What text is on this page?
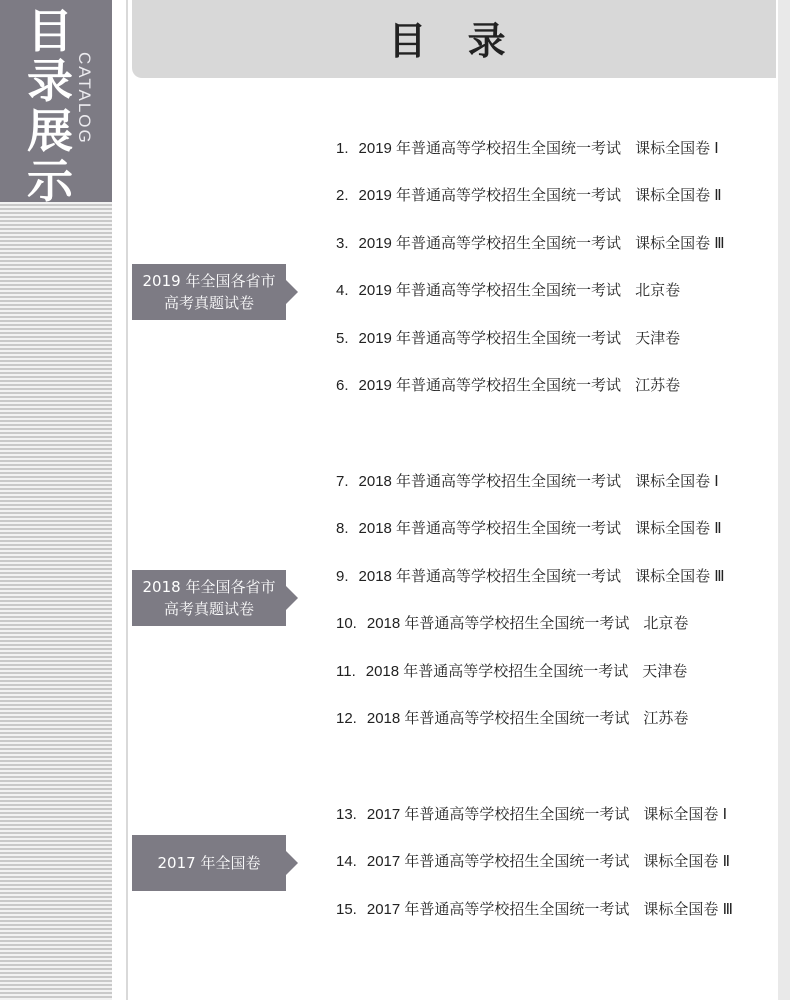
目
录
展
示
CATALOG
目 录
2019 年全国各省市高考真题试卷
2018 年全国各省市高考真题试卷
2017 年全国卷
1. 2019 年普通高等学校招生全国统一考试 课标全国卷 Ⅰ
2. 2019 年普通高等学校招生全国统一考试 课标全国卷 Ⅱ
3. 2019 年普通高等学校招生全国统一考试 课标全国卷 Ⅲ
4. 2019 年普通高等学校招生全国统一考试 北京卷
5. 2019 年普通高等学校招生全国统一考试 天津卷
6. 2019 年普通高等学校招生全国统一考试 江苏卷
7. 2018 年普通高等学校招生全国统一考试 课标全国卷 Ⅰ
8. 2018 年普通高等学校招生全国统一考试 课标全国卷 Ⅱ
9. 2018 年普通高等学校招生全国统一考试 课标全国卷 Ⅲ
10. 2018 年普通高等学校招生全国统一考试 北京卷
11. 2018 年普通高等学校招生全国统一考试 天津卷
12. 2018 年普通高等学校招生全国统一考试 江苏卷
13. 2017 年普通高等学校招生全国统一考试 课标全国卷 Ⅰ
14. 2017 年普通高等学校招生全国统一考试 课标全国卷 Ⅱ
15. 2017 年普通高等学校招生全国统一考试 课标全国卷 Ⅲ
